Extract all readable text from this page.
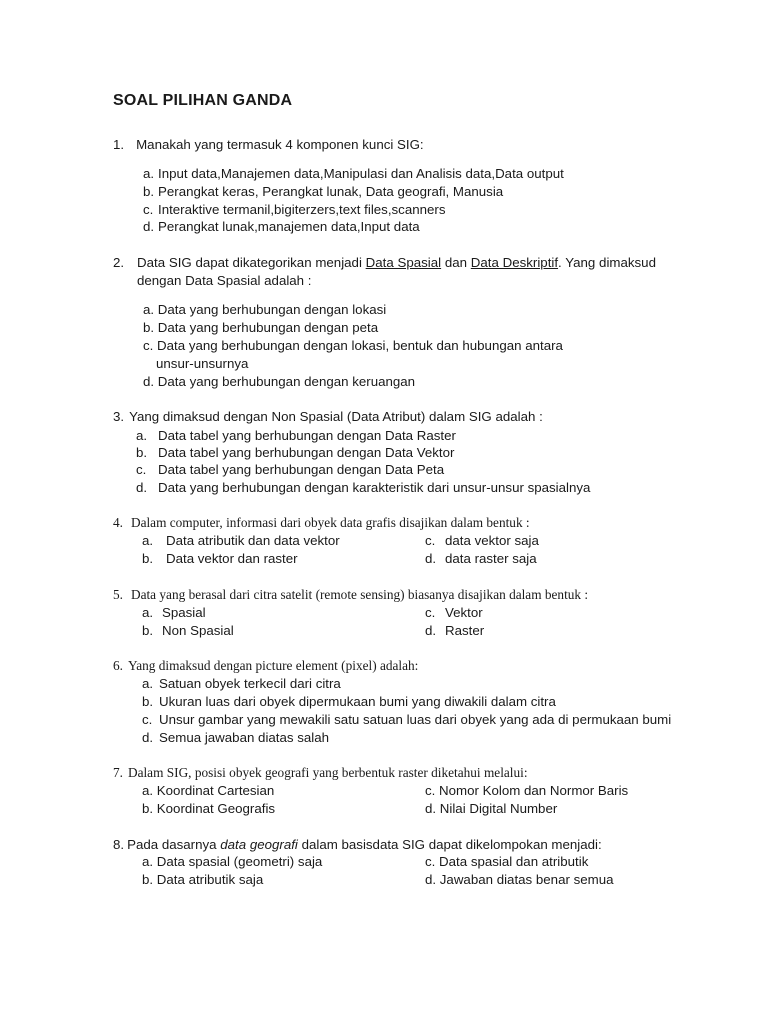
SOAL PILIHAN GANDA
1. Manakah yang termasuk 4 komponen kunci SIG:
a. Input data,Manajemen data,Manipulasi dan Analisis data,Data output
b. Perangkat keras, Perangkat lunak, Data geografi, Manusia
c. Interaktive termanil,bigiterzers,text files,scanners
d. Perangkat lunak,manajemen data,Input data
2. Data SIG dapat dikategorikan menjadi Data Spasial dan Data Deskriptif. Yang dimaksud
dengan Data Spasial adalah :
a. Data yang berhubungan dengan lokasi
b. Data yang berhubungan dengan peta
c. Data yang berhubungan dengan lokasi, bentuk dan hubungan antara
unsur-unsurnya
d. Data yang berhubungan dengan keruangan
3. Yang dimaksud dengan Non Spasial (Data Atribut) dalam SIG adalah :
a. Data tabel yang berhubungan dengan Data Raster
b. Data tabel yang berhubungan dengan Data Vektor
c. Data tabel yang berhubungan dengan Data Peta
d. Data yang berhubungan dengan karakteristik dari unsur-unsur spasialnya
4. Dalam computer, informasi dari obyek data grafis disajikan dalam bentuk :
a. Data atributik dan data vektor	c. data vektor saja
b. Data vektor dan raster	d. data raster saja
5. Data yang berasal dari citra satelit (remote sensing) biasanya disajikan dalam bentuk :
a. Spasial	c. Vektor
b. Non Spasial	d. Raster
6. Yang dimaksud dengan picture element (pixel) adalah:
a. Satuan obyek terkecil dari citra
b. Ukuran luas dari obyek dipermukaan bumi yang diwakili dalam citra
c. Unsur gambar yang mewakili satu satuan luas dari obyek yang ada di permukaan bumi
d. Semua jawaban diatas salah
7. Dalam SIG, posisi obyek geografi yang berbentuk raster diketahui melalui:
a. Koordinat Cartesian	c. Nomor Kolom dan Normor Baris
b. Koordinat Geografis	d. Nilai Digital Number
8. Pada dasarnya data geografi dalam basisdata SIG dapat dikelompokan menjadi:
a. Data spasial (geometri) saja	c. Data spasial dan atributik
b. Data atributik saja	d. Jawaban diatas benar semua
